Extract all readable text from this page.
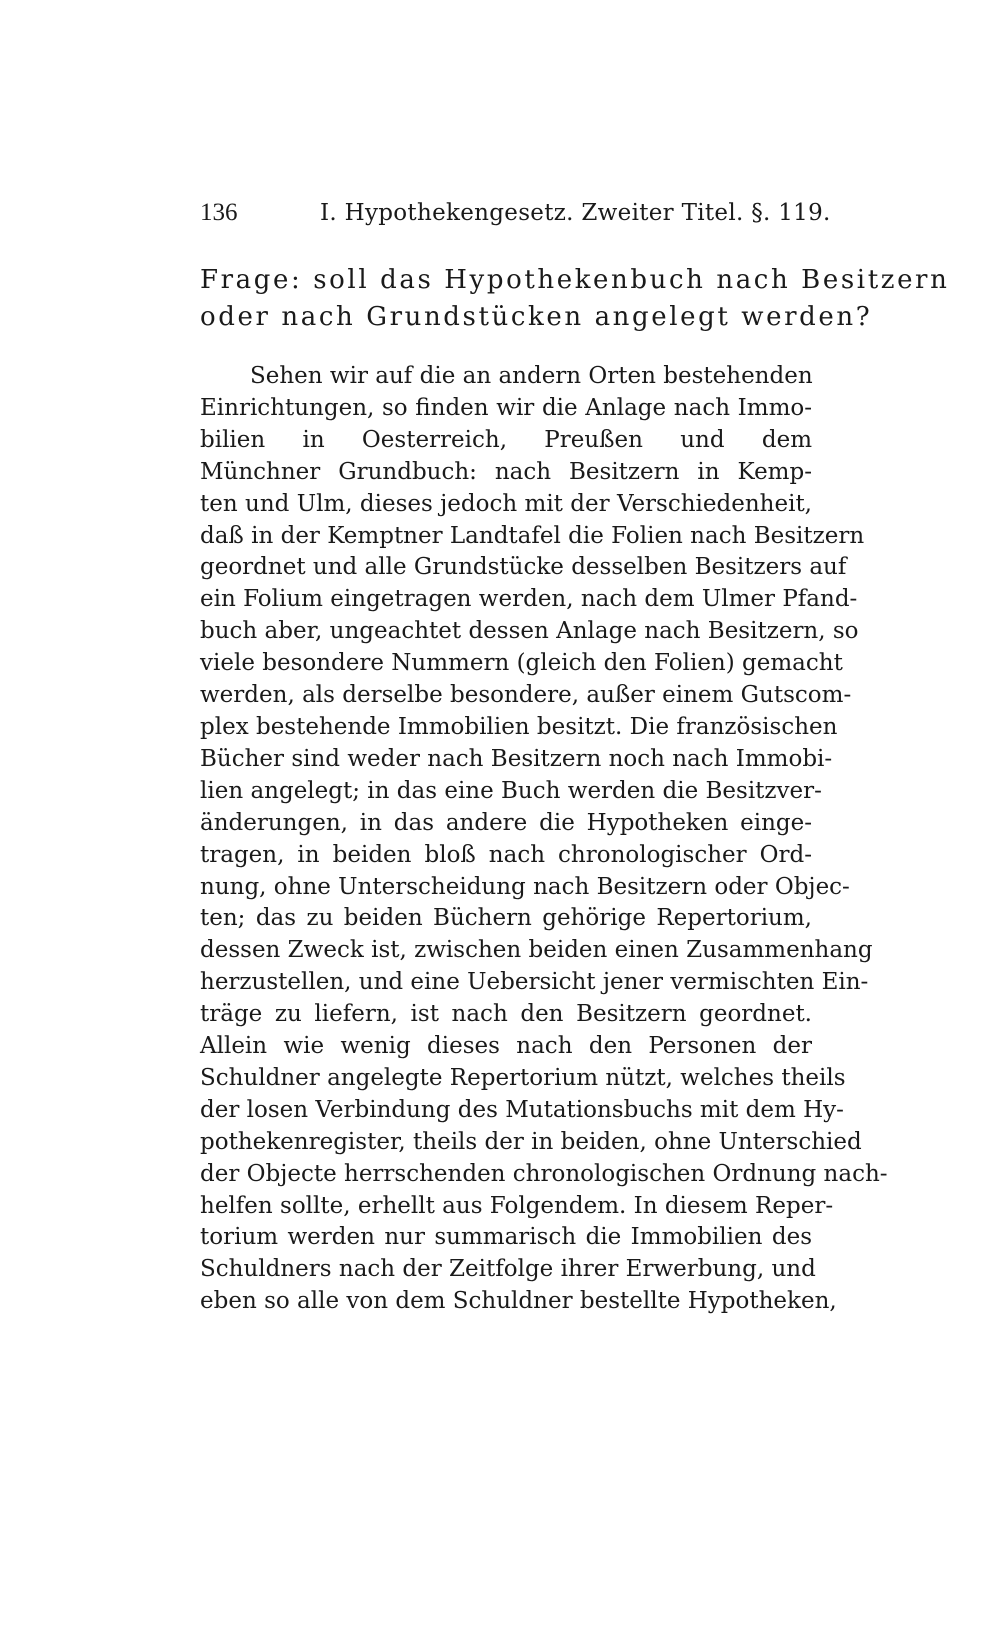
136	I. Hypothekengesetz. Zweiter Titel. §. 119.
Frage: soll das Hypothekenbuch nach Besitzern
oder nach Grundstücken angelegt werden?
Sehen wir auf die an andern Orten bestehenden
Einrichtungen, so finden wir die Anlage nach Immo-
bilien in Oesterreich, Preußen und dem
Münchner Grundbuch: nach Besitzern in Kemp-
ten und Ulm, dieses jedoch mit der Verschiedenheit,
daß in der Kemptner Landtafel die Folien nach Besitzern
geordnet und alle Grundstücke desselben Besitzers auf
ein Folium eingetragen werden, nach dem Ulmer Pfand-
buch aber, ungeachtet dessen Anlage nach Besitzern, so
viele besondere Nummern (gleich den Folien) gemacht
werden, als derselbe besondere, außer einem Gutscom-
plex bestehende Immobilien besitzt. Die französischen
Bücher sind weder nach Besitzern noch nach Immobi-
lien angelegt; in das eine Buch werden die Besitzver-
änderungen, in das andere die Hypotheken einge-
tragen, in beiden bloß nach chronologischer Ord-
nung, ohne Unterscheidung nach Besitzern oder Objec-
ten; das zu beiden Büchern gehörige Repertorium,
dessen Zweck ist, zwischen beiden einen Zusammenhang
herzustellen, und eine Uebersicht jener vermischten Ein-
träge zu liefern, ist nach den Besitzern geordnet.
Allein wie wenig dieses nach den Personen der
Schuldner angelegte Repertorium nützt, welches theils
der losen Verbindung des Mutationsbuchs mit dem Hy-
pothekenregister, theils der in beiden, ohne Unterschied
der Objecte herrschenden chronologischen Ordnung nach-
helfen sollte, erhellt aus Folgendem. In diesem Reper-
torium werden nur summarisch die Immobilien des
Schuldners nach der Zeitfolge ihrer Erwerbung, und
eben so alle von dem Schuldner bestellte Hypotheken,
